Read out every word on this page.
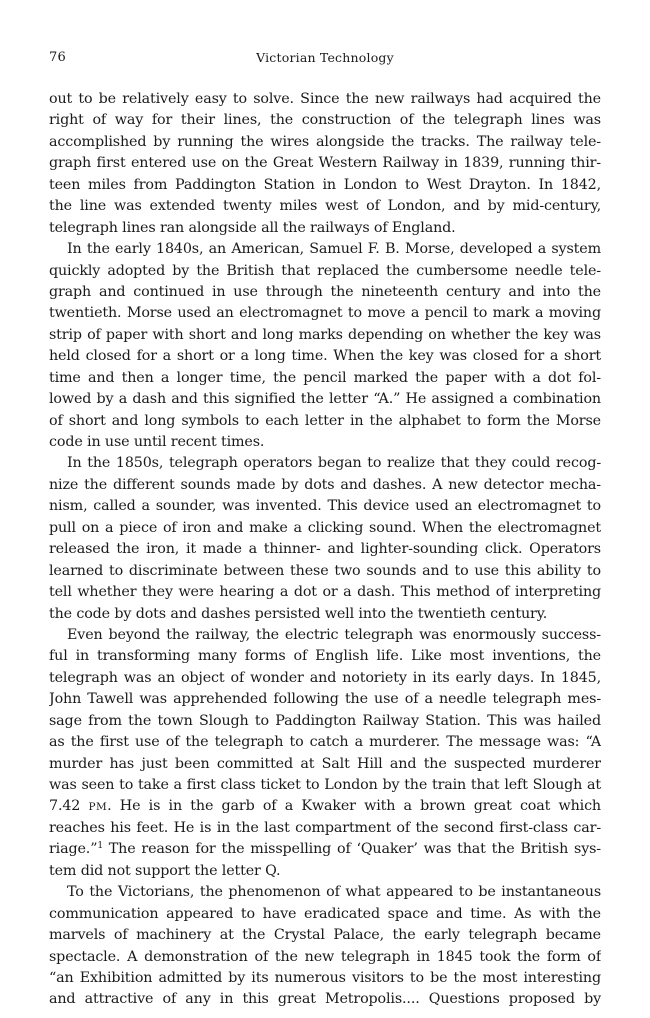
76	Victorian Technology
out to be relatively easy to solve. Since the new railways had acquired the
right of way for their lines, the construction of the telegraph lines was
accomplished by running the wires alongside the tracks. The railway tele-
graph first entered use on the Great Western Railway in 1839, running thir-
teen miles from Paddington Station in London to West Drayton. In 1842,
the line was extended twenty miles west of London, and by mid-century,
telegraph lines ran alongside all the railways of England.
In the early 1840s, an American, Samuel F. B. Morse, developed a system
quickly adopted by the British that replaced the cumbersome needle tele-
graph and continued in use through the nineteenth century and into the
twentieth. Morse used an electromagnet to move a pencil to mark a moving
strip of paper with short and long marks depending on whether the key was
held closed for a short or a long time. When the key was closed for a short
time and then a longer time, the pencil marked the paper with a dot fol-
lowed by a dash and this signified the letter “A.” He assigned a combination
of short and long symbols to each letter in the alphabet to form the Morse
code in use until recent times.
In the 1850s, telegraph operators began to realize that they could recog-
nize the different sounds made by dots and dashes. A new detector mecha-
nism, called a sounder, was invented. This device used an electromagnet to
pull on a piece of iron and make a clicking sound. When the electromagnet
released the iron, it made a thinner- and lighter-sounding click. Operators
learned to discriminate between these two sounds and to use this ability to
tell whether they were hearing a dot or a dash. This method of interpreting
the code by dots and dashes persisted well into the twentieth century.
Even beyond the railway, the electric telegraph was enormously success-
ful in transforming many forms of English life. Like most inventions, the
telegraph was an object of wonder and notoriety in its early days. In 1845,
John Tawell was apprehended following the use of a needle telegraph mes-
sage from the town Slough to Paddington Railway Station. This was hailed
as the first use of the telegraph to catch a murderer. The message was: “A
murder has just been committed at Salt Hill and the suspected murderer
was seen to take a first class ticket to London by the train that left Slough at
7.42 PM. He is in the garb of a Kwaker with a brown great coat which
reaches his feet. He is in the last compartment of the second first-class car-
riage.”$^1$ The reason for the misspelling of ‘Quaker’ was that the British sys-
tem did not support the letter Q.
To the Victorians, the phenomenon of what appeared to be instantaneous
communication appeared to have eradicated space and time. As with the
marvels of machinery at the Crystal Palace, the early telegraph became
spectacle. A demonstration of the new telegraph in 1845 took the form of
“an Exhibition admitted by its numerous visitors to be the most interesting
and attractive of any in this great Metropolis.... Questions proposed by
